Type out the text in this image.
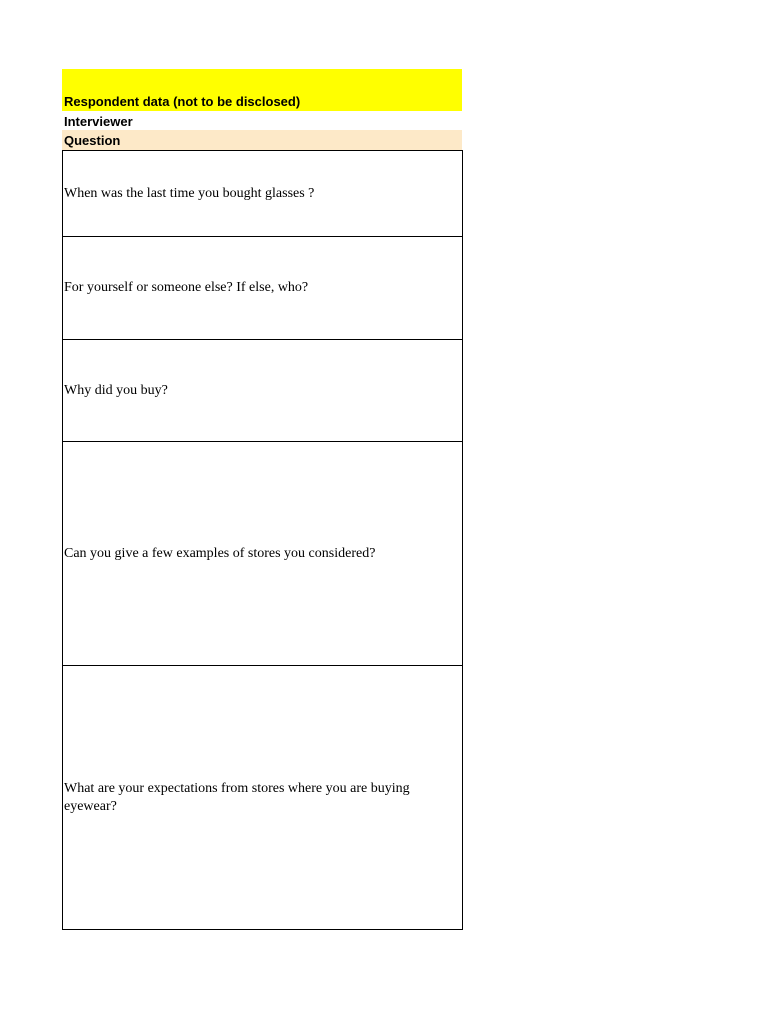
Respondent data (not to be disclosed)
Interviewer
Question
When was the last time you bought glasses ?
For yourself or someone else? If else, who?
Why did you buy?
Can you give a few examples of stores you considered?
What are your expectations from stores where you are buying eyewear?
